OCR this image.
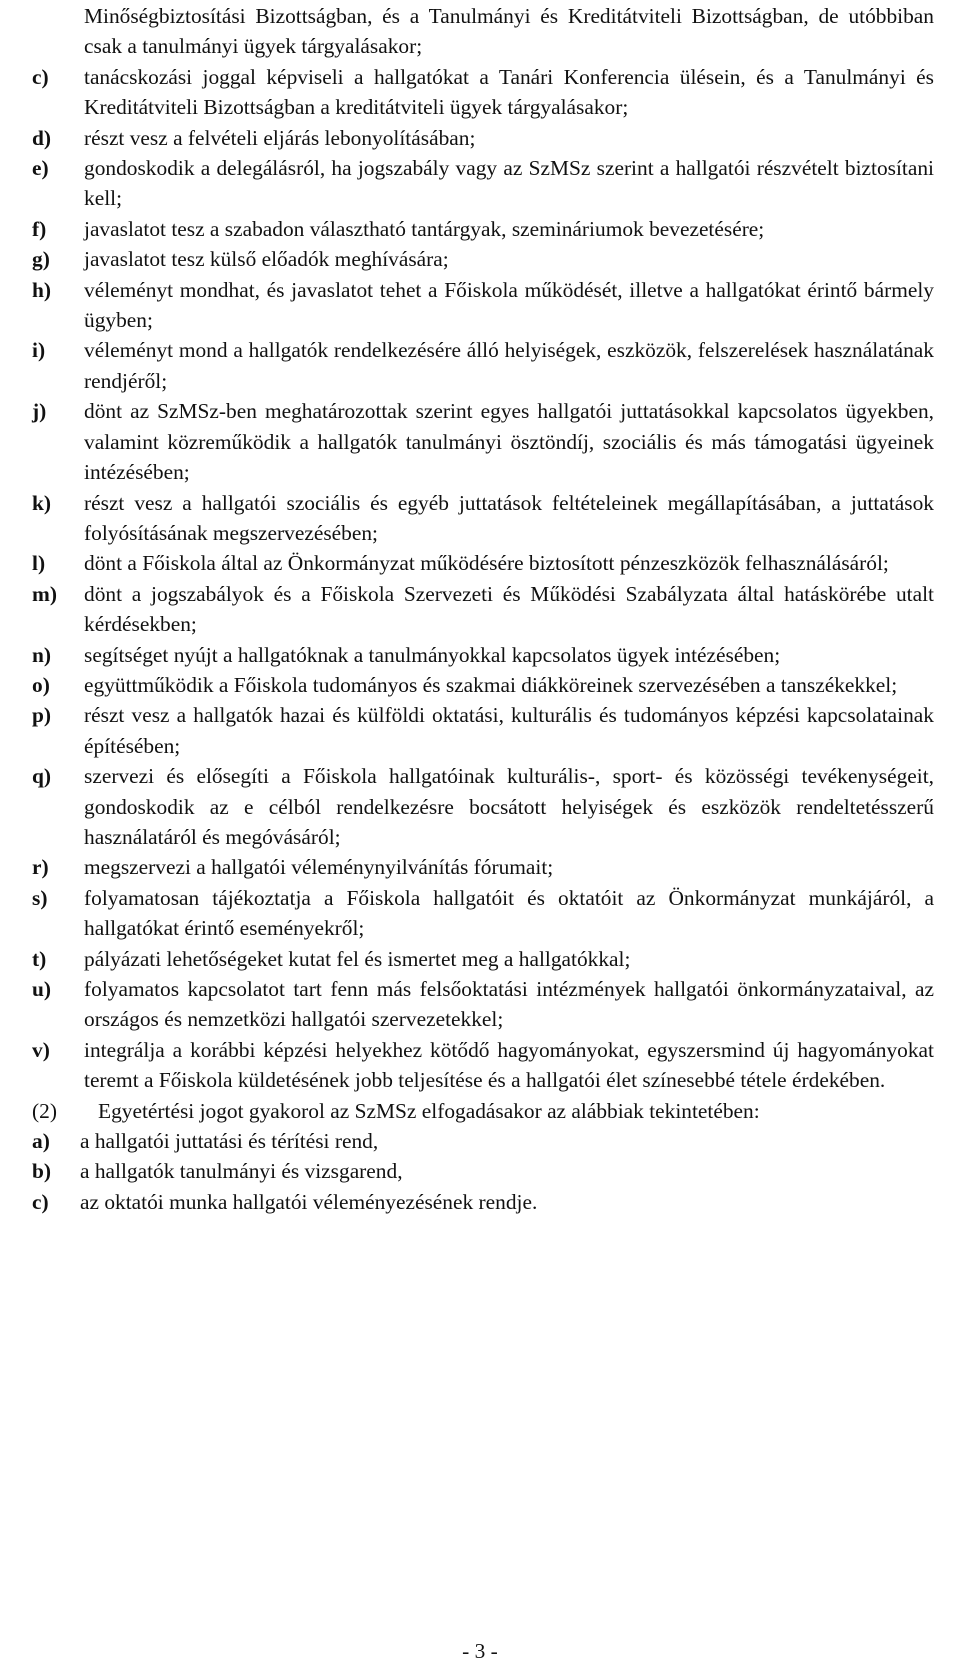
Minőségbiztosítási Bizottságban, és a Tanulmányi és Kreditátviteli Bizottságban, de utóbbiban csak a tanulmányi ügyek tárgyalásakor;
c)	tanácskozási joggal képviseli a hallgatókat a Tanári Konferencia ülésein, és a Tanulmányi és Kreditátviteli Bizottságban a kreditátviteli ügyek tárgyalásakor;
d)	részt vesz a felvételi eljárás lebonyolításában;
e)	gondoskodik a delegálásról, ha jogszabály vagy az SzMSz szerint a hallgatói részvételt biztosítani kell;
f)	javaslatot tesz a szabadon választható tantárgyak, szemináriumok bevezetésére;
g)	javaslatot tesz külső előadók meghívására;
h)	véleményt mondhat, és javaslatot tehet a Főiskola működését, illetve a hallgatókat érintő bármely ügyben;
i)	véleményt mond a hallgatók rendelkezésére álló helyiségek, eszközök, felszerelések használatának rendjéről;
j)	dönt az SzMSz-ben meghatározottak szerint egyes hallgatói juttatásokkal kapcsolatos ügyekben, valamint közreműködik a hallgatók tanulmányi ösztöndíj, szociális és más támogatási ügyeinek intézésében;
k)	részt vesz a hallgatói szociális és egyéb juttatások feltételeinek megállapításában, a juttatások folyósításának megszervezésében;
l)	dönt a Főiskola által az Önkormányzat működésére biztosított pénzeszközök felhasználásáról;
m)	dönt a jogszabályok és a Főiskola Szervezeti és Működési Szabályzata által hatáskörébe utalt kérdésekben;
n)	segítséget nyújt a hallgatóknak a tanulmányokkal kapcsolatos ügyek intézésében;
o)	együttműködik a Főiskola tudományos és szakmai diákköreinek szervezésében a tanszékekkel;
p)	részt vesz a hallgatók hazai és külföldi oktatási, kulturális és tudományos képzési kapcsolatainak építésében;
q)	szervezi és elősegíti a Főiskola hallgatóinak kulturális-, sport- és közösségi tevékenységeit, gondoskodik az e célból rendelkezésre bocsátott helyiségek és eszközök rendeltetésszerű használatáról és megóvásáról;
r)	megszervezi a hallgatói véleménynyilvánítás fórumait;
s)	folyamatosan tájékoztatja a Főiskola hallgatóit és oktatóit az Önkormányzat munkájáról, a hallgatókat érintő eseményekről;
t)	pályázati lehetőségeket kutat fel és ismertet meg a hallgatókkal;
u)	folyamatos kapcsolatot tart fenn más felsőoktatási intézmények hallgatói önkormányzataival, az országos és nemzetközi hallgatói szervezetekkel;
v)	integrálja a korábbi képzési helyekhez kötődő hagyományokat, egyszersmind új hagyományokat teremt a Főiskola küldetésének jobb teljesítése és a hallgatói élet színesebbé tétele érdekében.
(2)	Egyetértési jogot gyakorol az SzMSz elfogadásakor az alábbiak tekintetében:
a)	a hallgatói juttatási és térítési rend,
b)	a hallgatók tanulmányi és vizsgarend,
c)	az oktatói munka hallgatói véleményezésének rendje.
- 3 -
